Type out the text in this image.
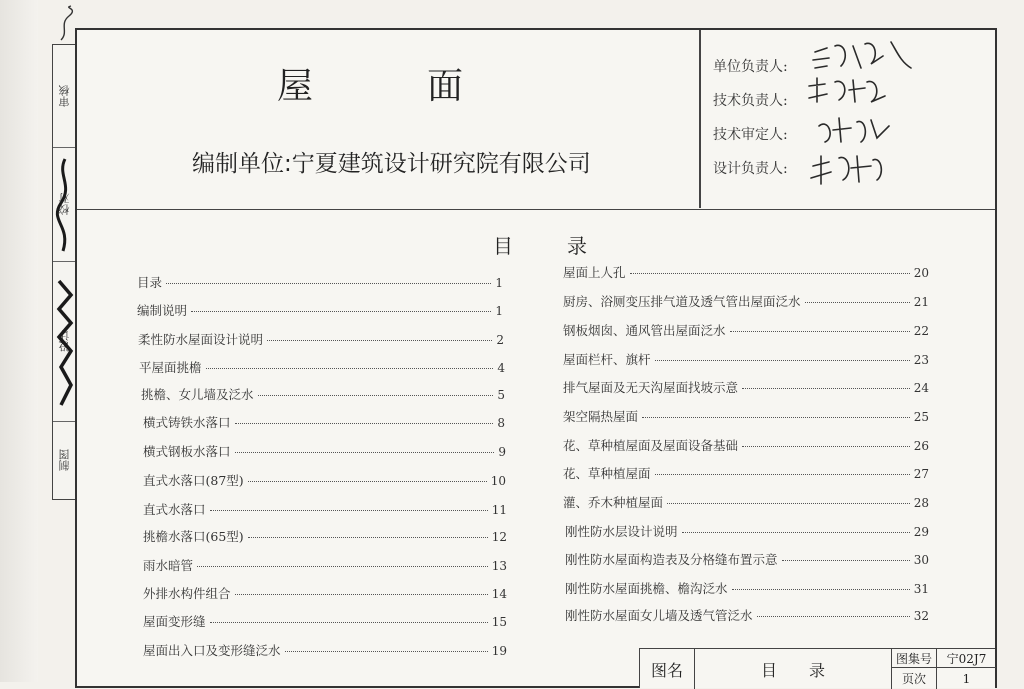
审核
校对
设计
制图
屋	面
编制单位:宁夏建筑设计研究院有限公司
单位负责人:
技术负责人:
技术审定人:
设计负责人:
目	录
目录	1
编制说明	1
柔性防水屋面设计说明	2
平屋面挑檐	4
挑檐、女儿墙及泛水	5
横式铸铁水落口	8
横式钢板水落口	9
直式水落口(87型)	10
直式水落口	11
挑檐水落口(65型)	12
雨水暗管	13
外排水构件组合	14
屋面变形缝	15
屋面出入口及变形缝泛水	19
屋面上人孔	20
厨房、浴厕变压排气道及透气管出屋面泛水	21
钢板烟囱、通风管出屋面泛水	22
屋面栏杆、旗杆	23
排气屋面及无天沟屋面找坡示意	24
架空隔热屋面	25
花、草种植屋面及屋面设备基础	26
花、草种植屋面	27
灌、乔木种植屋面	28
刚性防水层设计说明	29
刚性防水屋面构造表及分格缝布置示意	30
刚性防水屋面挑檐、檐沟泛水	31
刚性防水屋面女儿墙及透气管泛水	32
图名	目　　录
图集号	宁02J7
页次	1
